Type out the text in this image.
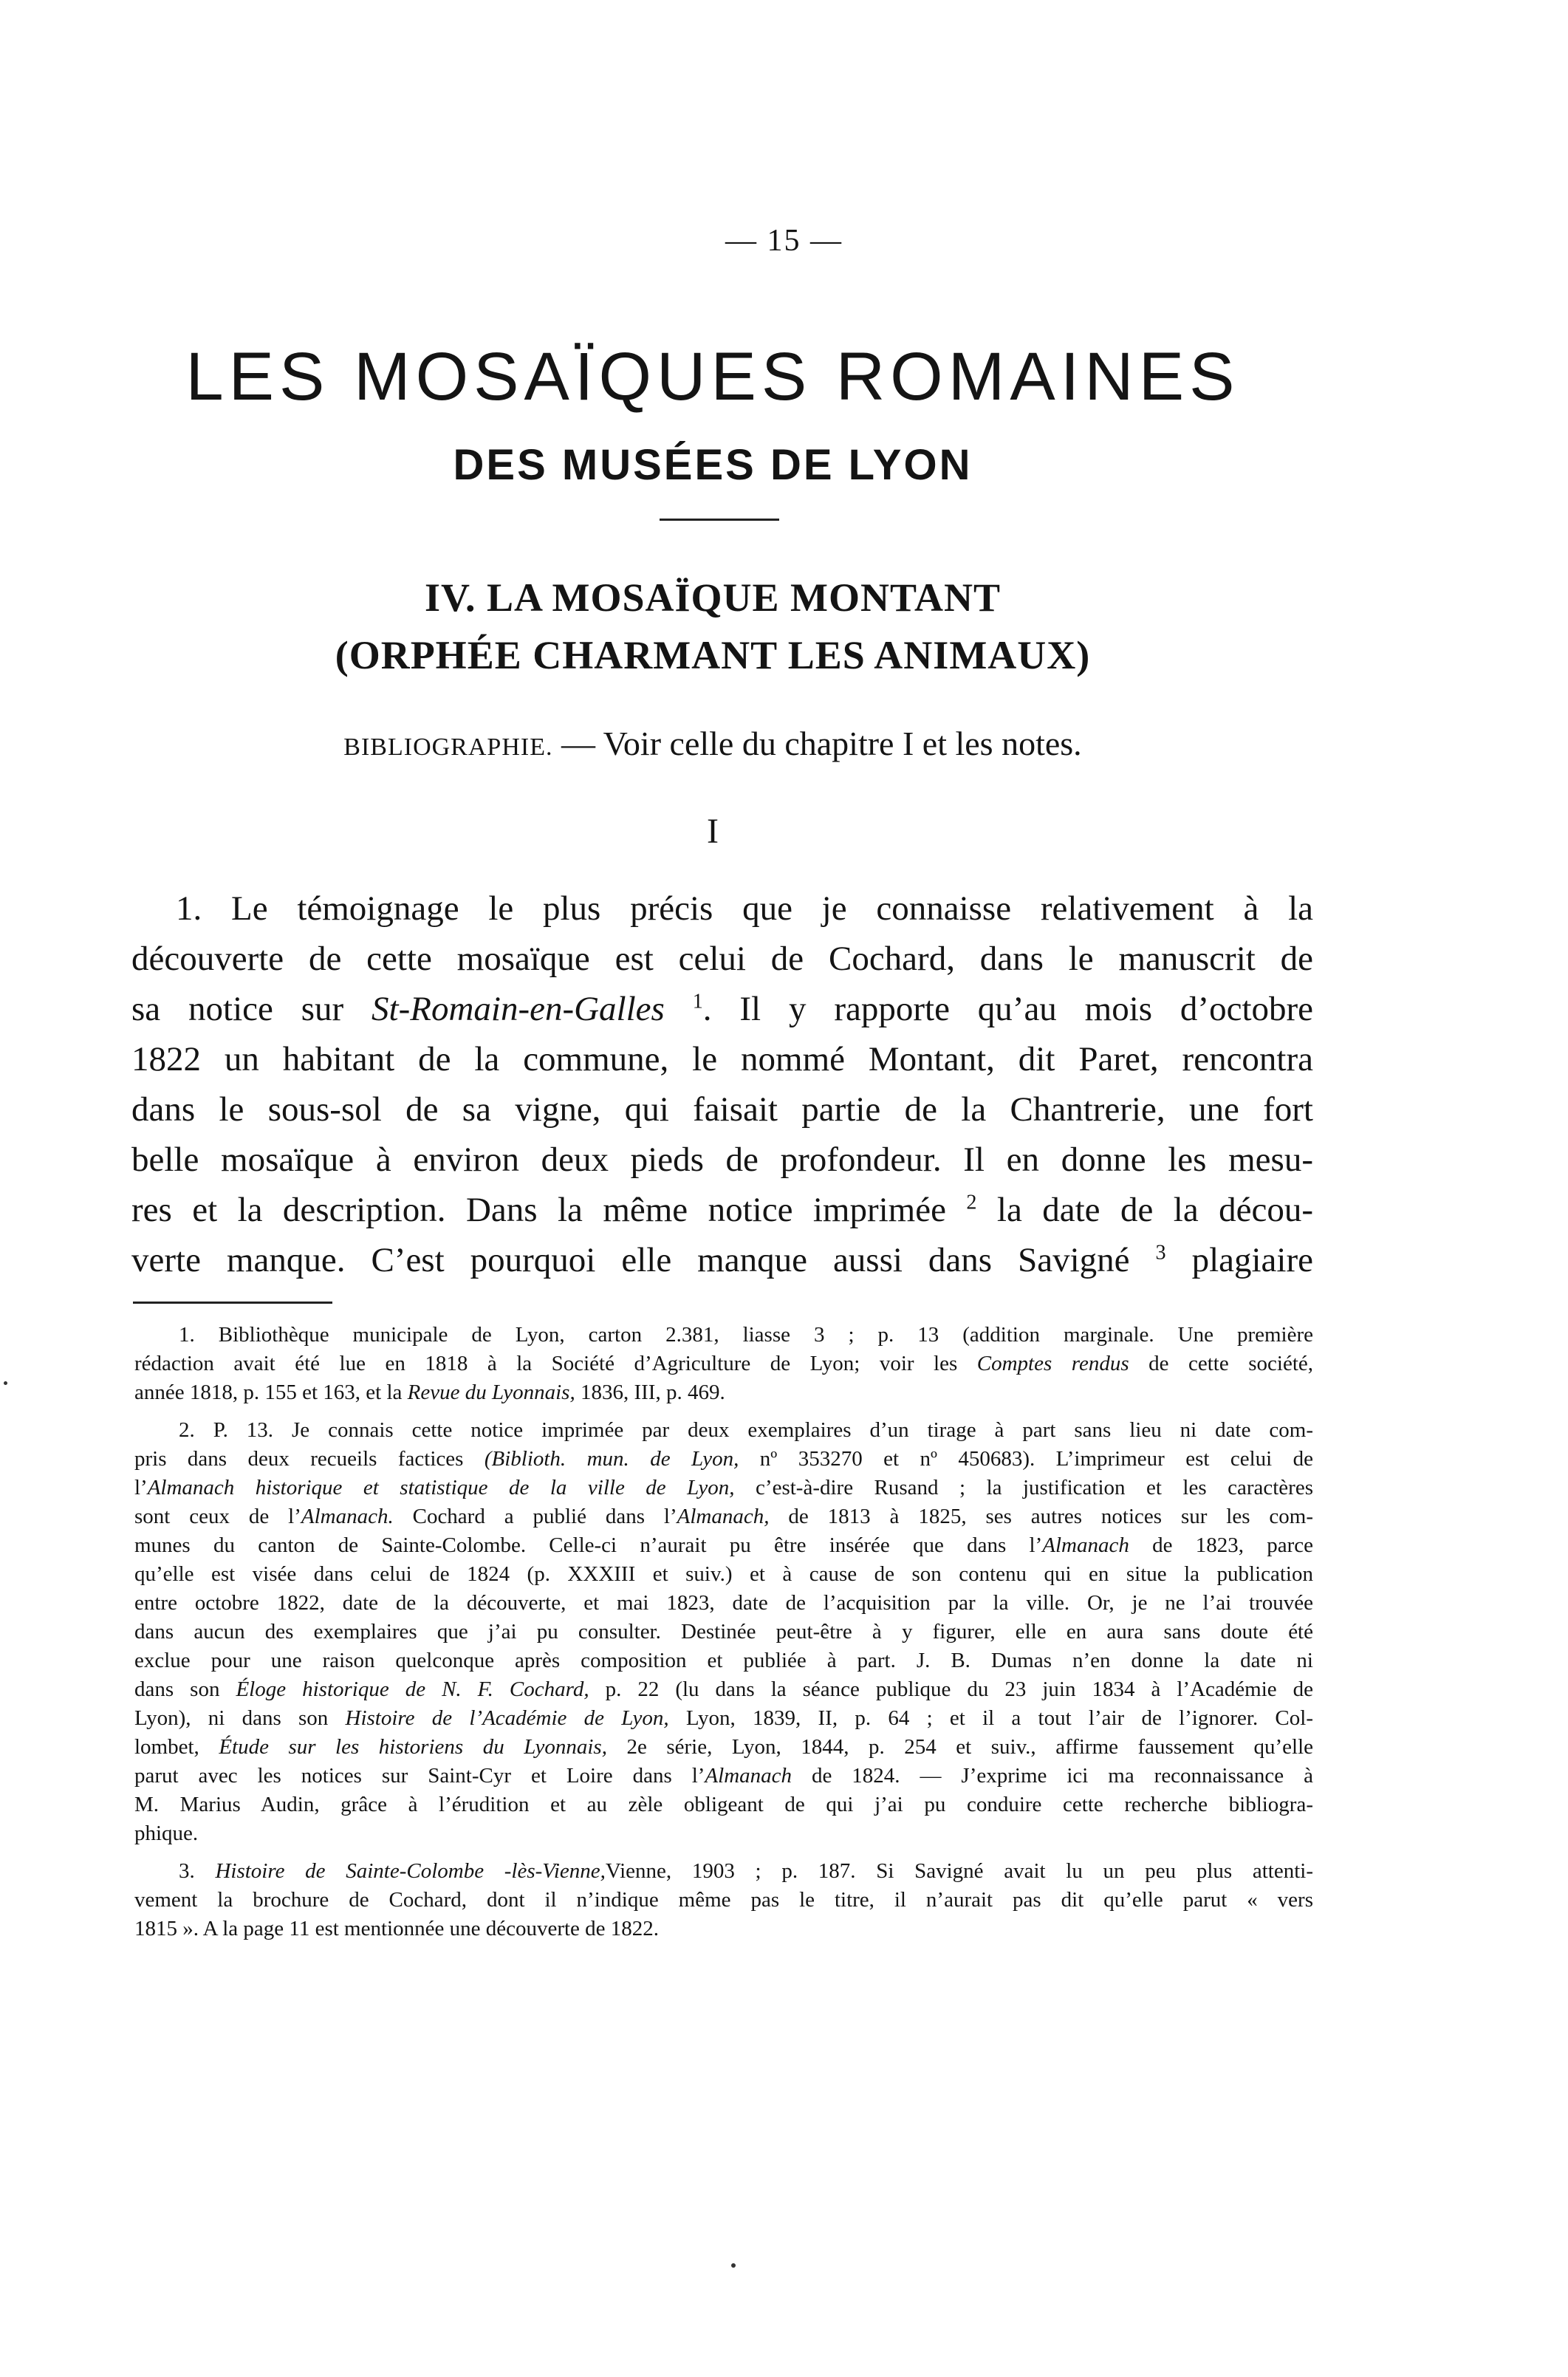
— 15 —
LES MOSAÏQUES ROMAINES
DES MUSÉES DE LYON
IV. LA MOSAÏQUE MONTANT
(ORPHÉE CHARMANT LES ANIMAUX)
BIBLIOGRAPHIE. — Voir celle du chapitre I et les notes.
I
1. Le témoignage le plus précis que je connaisse relativement à la
découverte de cette mosaïque est celui de Cochard, dans le manuscrit de
sa notice sur St-Romain-en-Galles $^1$. Il y rapporte qu’au mois d’octobre
1822 un habitant de la commune, le nommé Montant, dit Paret, rencontra
dans le sous-sol de sa vigne, qui faisait partie de la Chantrerie, une fort
belle mosaïque à environ deux pieds de profondeur. Il en donne les mesu-
res et la description. Dans la même notice imprimée $^2$ la date de la décou-
verte manque. C’est pourquoi elle manque aussi dans Savigné $^3$ plagiaire
1. Bibliothèque municipale de Lyon, carton 2.381, liasse 3 ; p. 13 (addition marginale. Une première
rédaction avait été lue en 1818 à la Société d’Agriculture de Lyon; voir les Comptes rendus de cette société,
année 1818, p. 155 et 163, et la Revue du Lyonnais, 1836, III, p. 469.
2. P. 13. Je connais cette notice imprimée par deux exemplaires d’un tirage à part sans lieu ni date com-
pris dans deux recueils factices (Biblioth. mun. de Lyon, nº 353270 et nº 450683). L’imprimeur est celui de
l’Almanach historique et statistique de la ville de Lyon, c’est-à-dire Rusand ; la justification et les caractères
sont ceux de l’Almanach. Cochard a publié dans l’Almanach, de 1813 à 1825, ses autres notices sur les com-
munes du canton de Sainte-Colombe. Celle-ci n’aurait pu être insérée que dans l’Almanach de 1823, parce
qu’elle est visée dans celui de 1824 (p. XXXIII et suiv.) et à cause de son contenu qui en situe la publication
entre octobre 1822, date de la découverte, et mai 1823, date de l’acquisition par la ville. Or, je ne l’ai trouvée
dans aucun des exemplaires que j’ai pu consulter. Destinée peut-être à y figurer, elle en aura sans doute été
exclue pour une raison quelconque après composition et publiée à part. J. B. Dumas n’en donne la date ni
dans son Éloge historique de N. F. Cochard, p. 22 (lu dans la séance publique du 23 juin 1834 à l’Académie de
Lyon), ni dans son Histoire de l’Académie de Lyon, Lyon, 1839, II, p. 64 ; et il a tout l’air de l’ignorer. Col-
lombet, Étude sur les historiens du Lyonnais, 2e série, Lyon, 1844, p. 254 et suiv., affirme faussement qu’elle
parut avec les notices sur Saint-Cyr et Loire dans l’Almanach de 1824. — J’exprime ici ma reconnaissance à
M. Marius Audin, grâce à l’érudition et au zèle obligeant de qui j’ai pu conduire cette recherche bibliogra-
phique.
3. Histoire de Sainte-Colombe -lès-Vienne,Vienne, 1903 ; p. 187. Si Savigné avait lu un peu plus attenti-
vement la brochure de Cochard, dont il n’indique même pas le titre, il n’aurait pas dit qu’elle parut « vers
1815 ». A la page 11 est mentionnée une découverte de 1822.
